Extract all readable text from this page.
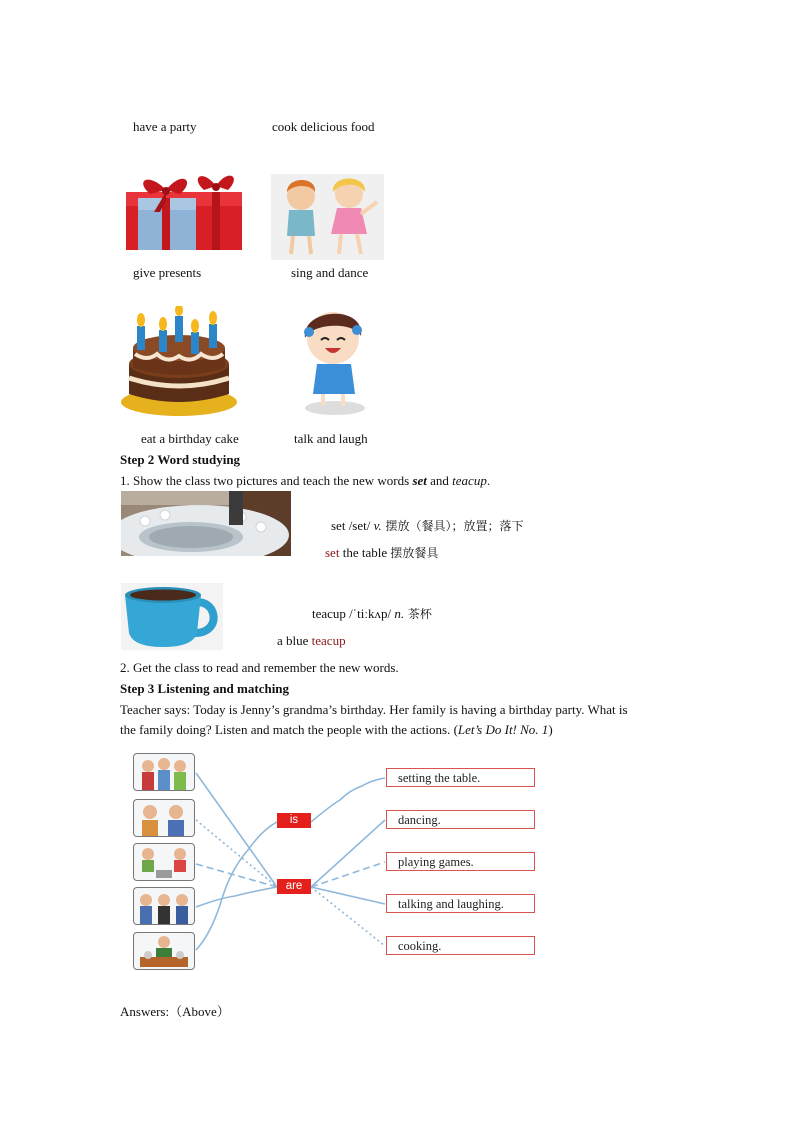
have a party	cook delicious food
give presents	sing and dance
eat a birthday cake	talk and laugh
Step 2 Word studying
1. Show the class two pictures and teach the new words set and teacup.
set /set/ v. 摆放（餐具）；放置；落下
set the table 摆放餐具
teacup /ˈtiːkʌp/ n. 茶杯
a blue teacup
2. Get the class to read and remember the new words.
Step 3 Listening and matching
Teacher says: Today is Jenny’s grandma’s birthday. Her family is having a birthday party. What is
the family doing? Listen and match the people with the actions. (Let’s Do It! No. 1)
is
are
setting the table.
dancing.
playing games.
talking and laughing.
cooking.
Answers:（Above）
